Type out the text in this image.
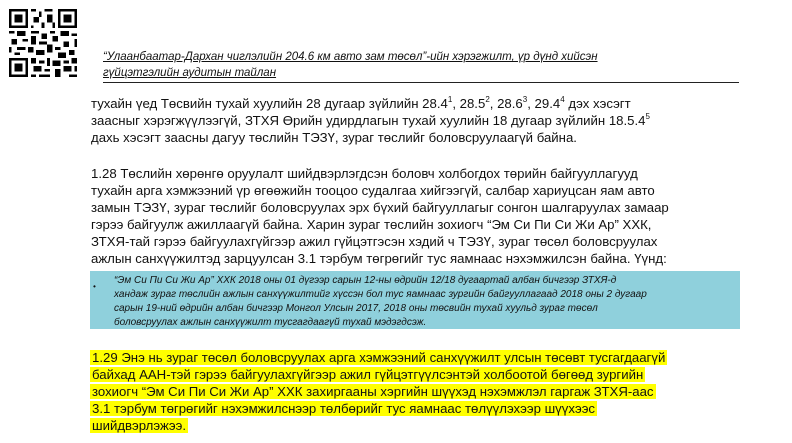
“Улаанбаатар-Дархан чиглэлийн 204.6 км авто зам төсөл”-ийн хэрэгжилт, үр дүнд хийсэн
гүйцэтгэлийн аудитын тайлан
тухайн үед Төсвийн тухай хуулийн 28 дугаар зүйлийн 28.4$^1$, 28.5$^2$, 28.6$^3$, 29.4$^4$ дэх хэсэгт
заасныг хэрэгжүүлээгүй, ЗТХЯ Өрийн удирдлагын тухай хуулийн 18 дугаар зүйлийн 18.5.4$^5$
дахь хэсэгт заасны дагуу төслийн ТЭЗҮ, зураг төслийг боловсруулаагүй байна.
1.28 Төслийн хөрөнгө оруулалт шийдвэрлэгдсэн боловч холбогдох төрийн байгууллагууд
тухайн арга хэмжээний үр өгөөжийн тооцоо судалгаа хийгээгүй, салбар хариуцсан яам авто
замын ТЭЗҮ, зураг төслийг боловсруулах эрх бүхий байгууллагыг сонгон шалгаруулах замаар
гэрээ байгуулж ажиллаагүй байна. Харин зураг төслийн зохиогч “Эм Си Пи Си Жи Ар” ХХК,
ЗТХЯ-тай гэрээ байгуулахгүйгээр ажил гүйцэтгэсэн хэдий ч ТЭЗҮ, зураг төсөл боловсруулах
ажлын санхүүжилтэд зарцуулсан 3.1 тэрбум төгрөгийг тус яамнаас нэхэмжилсэн байна. Үүнд:
•
“Эм Си Пи Си Жи Ар” ХХК 2018 оны 01 дүгээр сарын 12-ны өдрийн 12/18 дугаартай албан бичгээр ЗТХЯ-д
хандаж зураг төслийн ажлын санхүүжилтийг хүссэн бол тус яамнаас зургийн байгууллагаад 2018 оны 2 дугаар
сарын 19-ний өдрийн албан бичгээр Монгол Улсын 2017, 2018 оны төсвийн тухай хуульд зураг төсөл
боловсруулах ажлын санхүүжилт тусгагдаагүй тухай мэдэгдсэж.
1.29 Энэ нь зураг төсөл боловсруулах арга хэмжээний санхүүжилт улсын төсөвт тусгагдаагүй
байхад ААН-тэй гэрээ байгуулахгүйгээр ажил гүйцэтгүүлсэнтэй холбоотой бөгөөд зургийн
зохиогч “Эм Си Пи Си Жи Ар” ХХК захиргааны хэргийн шүүхэд нэхэмжлэл гаргаж ЗТХЯ-аас
3.1 тэрбум төгрөгийг нэхэмжилснээр төлбөрийг тус яамнаас төлүүлэхээр шүүхээс
шийдвэрлэжээ.
